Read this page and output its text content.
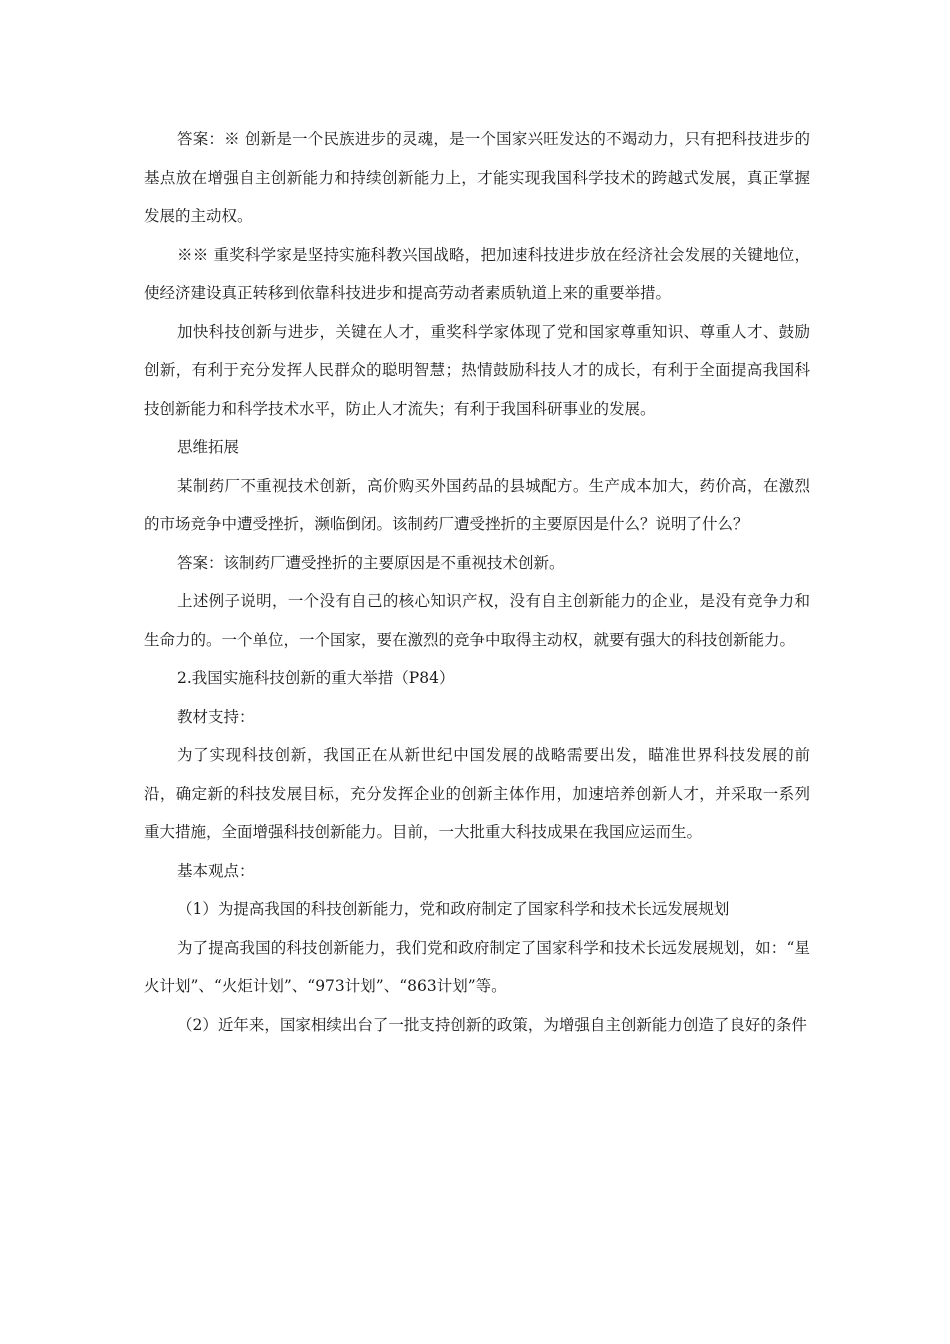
答案：※ 创新是一个民族进步的灵魂，是一个国家兴旺发达的不竭动力，只有把科技进步的基点放在增强自主创新能力和持续创新能力上，才能实现我国科学技术的跨越式发展，真正掌握发展的主动权。

※※ 重奖科学家是坚持实施科教兴国战略，把加速科技进步放在经济社会发展的关键地位，使经济建设真正转移到依靠科技进步和提高劳动者素质轨道上来的重要举措。

加快科技创新与进步，关键在人才，重奖科学家体现了党和国家尊重知识、尊重人才、鼓励创新，有利于充分发挥人民群众的聪明智慧；热情鼓励科技人才的成长，有利于全面提高我国科技创新能力和科学技术水平，防止人才流失；有利于我国科研事业的发展。

思维拓展

某制药厂不重视技术创新，高价购买外国药品的县城配方。生产成本加大，药价高，在激烈的市场竞争中遭受挫折，濒临倒闭。该制药厂遭受挫折的主要原因是什么？说明了什么？

答案：该制药厂遭受挫折的主要原因是不重视技术创新。

上述例子说明，一个没有自己的核心知识产权，没有自主创新能力的企业，是没有竞争力和生命力的。一个单位，一个国家，要在激烈的竞争中取得主动权，就要有强大的科技创新能力。

2.我国实施科技创新的重大举措（P84）

教材支持：

为了实现科技创新，我国正在从新世纪中国发展的战略需要出发，瞄准世界科技发展的前沿，确定新的科技发展目标，充分发挥企业的创新主体作用，加速培养创新人才，并采取一系列重大措施，全面增强科技创新能力。目前，一大批重大科技成果在我国应运而生。

基本观点：

（1）为提高我国的科技创新能力，党和政府制定了国家科学和技术长远发展规划

为了提高我国的科技创新能力，我们党和政府制定了国家科学和技术长远发展规划，如：“星火计划”、“火炬计划”、“973计划”、“863计划”等。

（2）近年来，国家相续出台了一批支持创新的政策，为增强自主创新能力创造了良好的条件
